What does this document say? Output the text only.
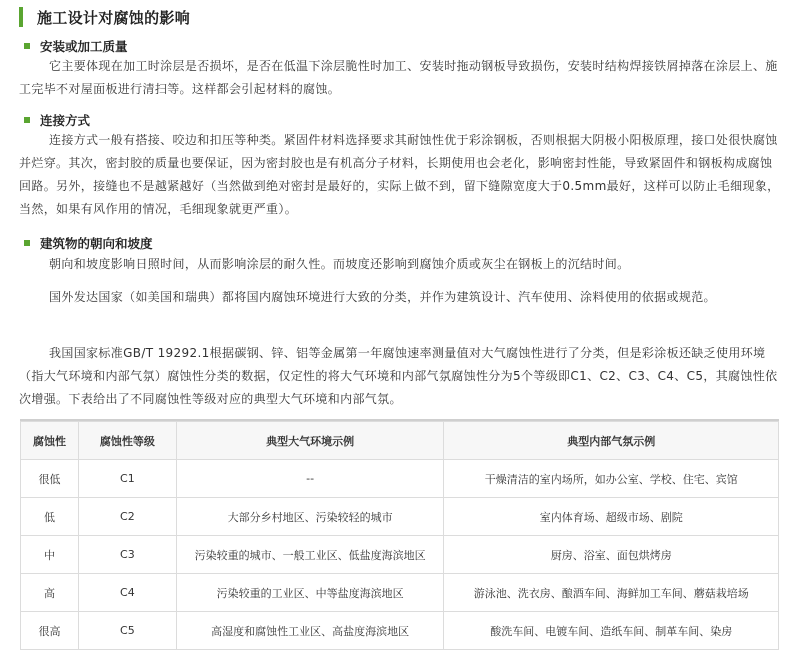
施工设计对腐蚀的影响
安装或加工质量
它主要体现在加工时涂层是否损坏，是否在低温下涂层脆性时加工、安装时拖动钢板导致损伤，安装时结构焊接铁屑掉落在涂层上、施工完毕不对屋面板进行清扫等。这样都会引起材料的腐蚀。
连接方式
连接方式一般有搭接、咬边和扣压等种类。紧固件材料选择要求其耐蚀性优于彩涂钢板，否则根据大阴极小阳极原理，接口处很快腐蚀并烂穿。其次，密封胶的质量也要保证，因为密封胶也是有机高分子材料，长期使用也会老化，影响密封性能，导致紧固件和钢板构成腐蚀回路。另外，接缝也不是越紧越好（当然做到绝对密封是最好的，实际上做不到，留下缝隙宽度大于0.5mm最好，这样可以防止毛细现象，当然，如果有风作用的情况，毛细现象就更严重）。
建筑物的朝向和坡度
朝向和坡度影响日照时间，从而影响涂层的耐久性。而坡度还影响到腐蚀介质或灰尘在钢板上的沉结时间。
国外发达国家（如美国和瑞典）都将国内腐蚀环境进行大致的分类，并作为建筑设计、汽车使用、涂料使用的依据或规范。
我国国家标准GB/T 19292.1根据碳钢、锌、铝等金属第一年腐蚀速率测量值对大气腐蚀性进行了分类，但是彩涂板还缺乏使用环境（指大气环境和内部气氛）腐蚀性分类的数据，仅定性的将大气环境和内部气氛腐蚀性分为5个等级即C1、C2、C3、C4、C5，其腐蚀性依次增强。下表给出了不同腐蚀性等级对应的典型大气环境和内部气氛。
腐蚀性	腐蚀性等级	典型大气环境示例	典型内部气氛示例
很低	C1	--	干燥清洁的室内场所，如办公室、学校、住宅、宾馆
低	C2	大部分乡村地区、污染较轻的城市	室内体育场、超级市场、剧院
中	C3	污染较重的城市、一般工业区、低盐度海滨地区	厨房、浴室、面包烘烤房
高	C4	污染较重的工业区、中等盐度海滨地区	游泳池、洗衣房、酿酒车间、海鲜加工车间、蘑菇栽培场
很高	C5	高湿度和腐蚀性工业区、高盐度海滨地区	酸洗车间、电镀车间、造纸车间、制革车间、染房
